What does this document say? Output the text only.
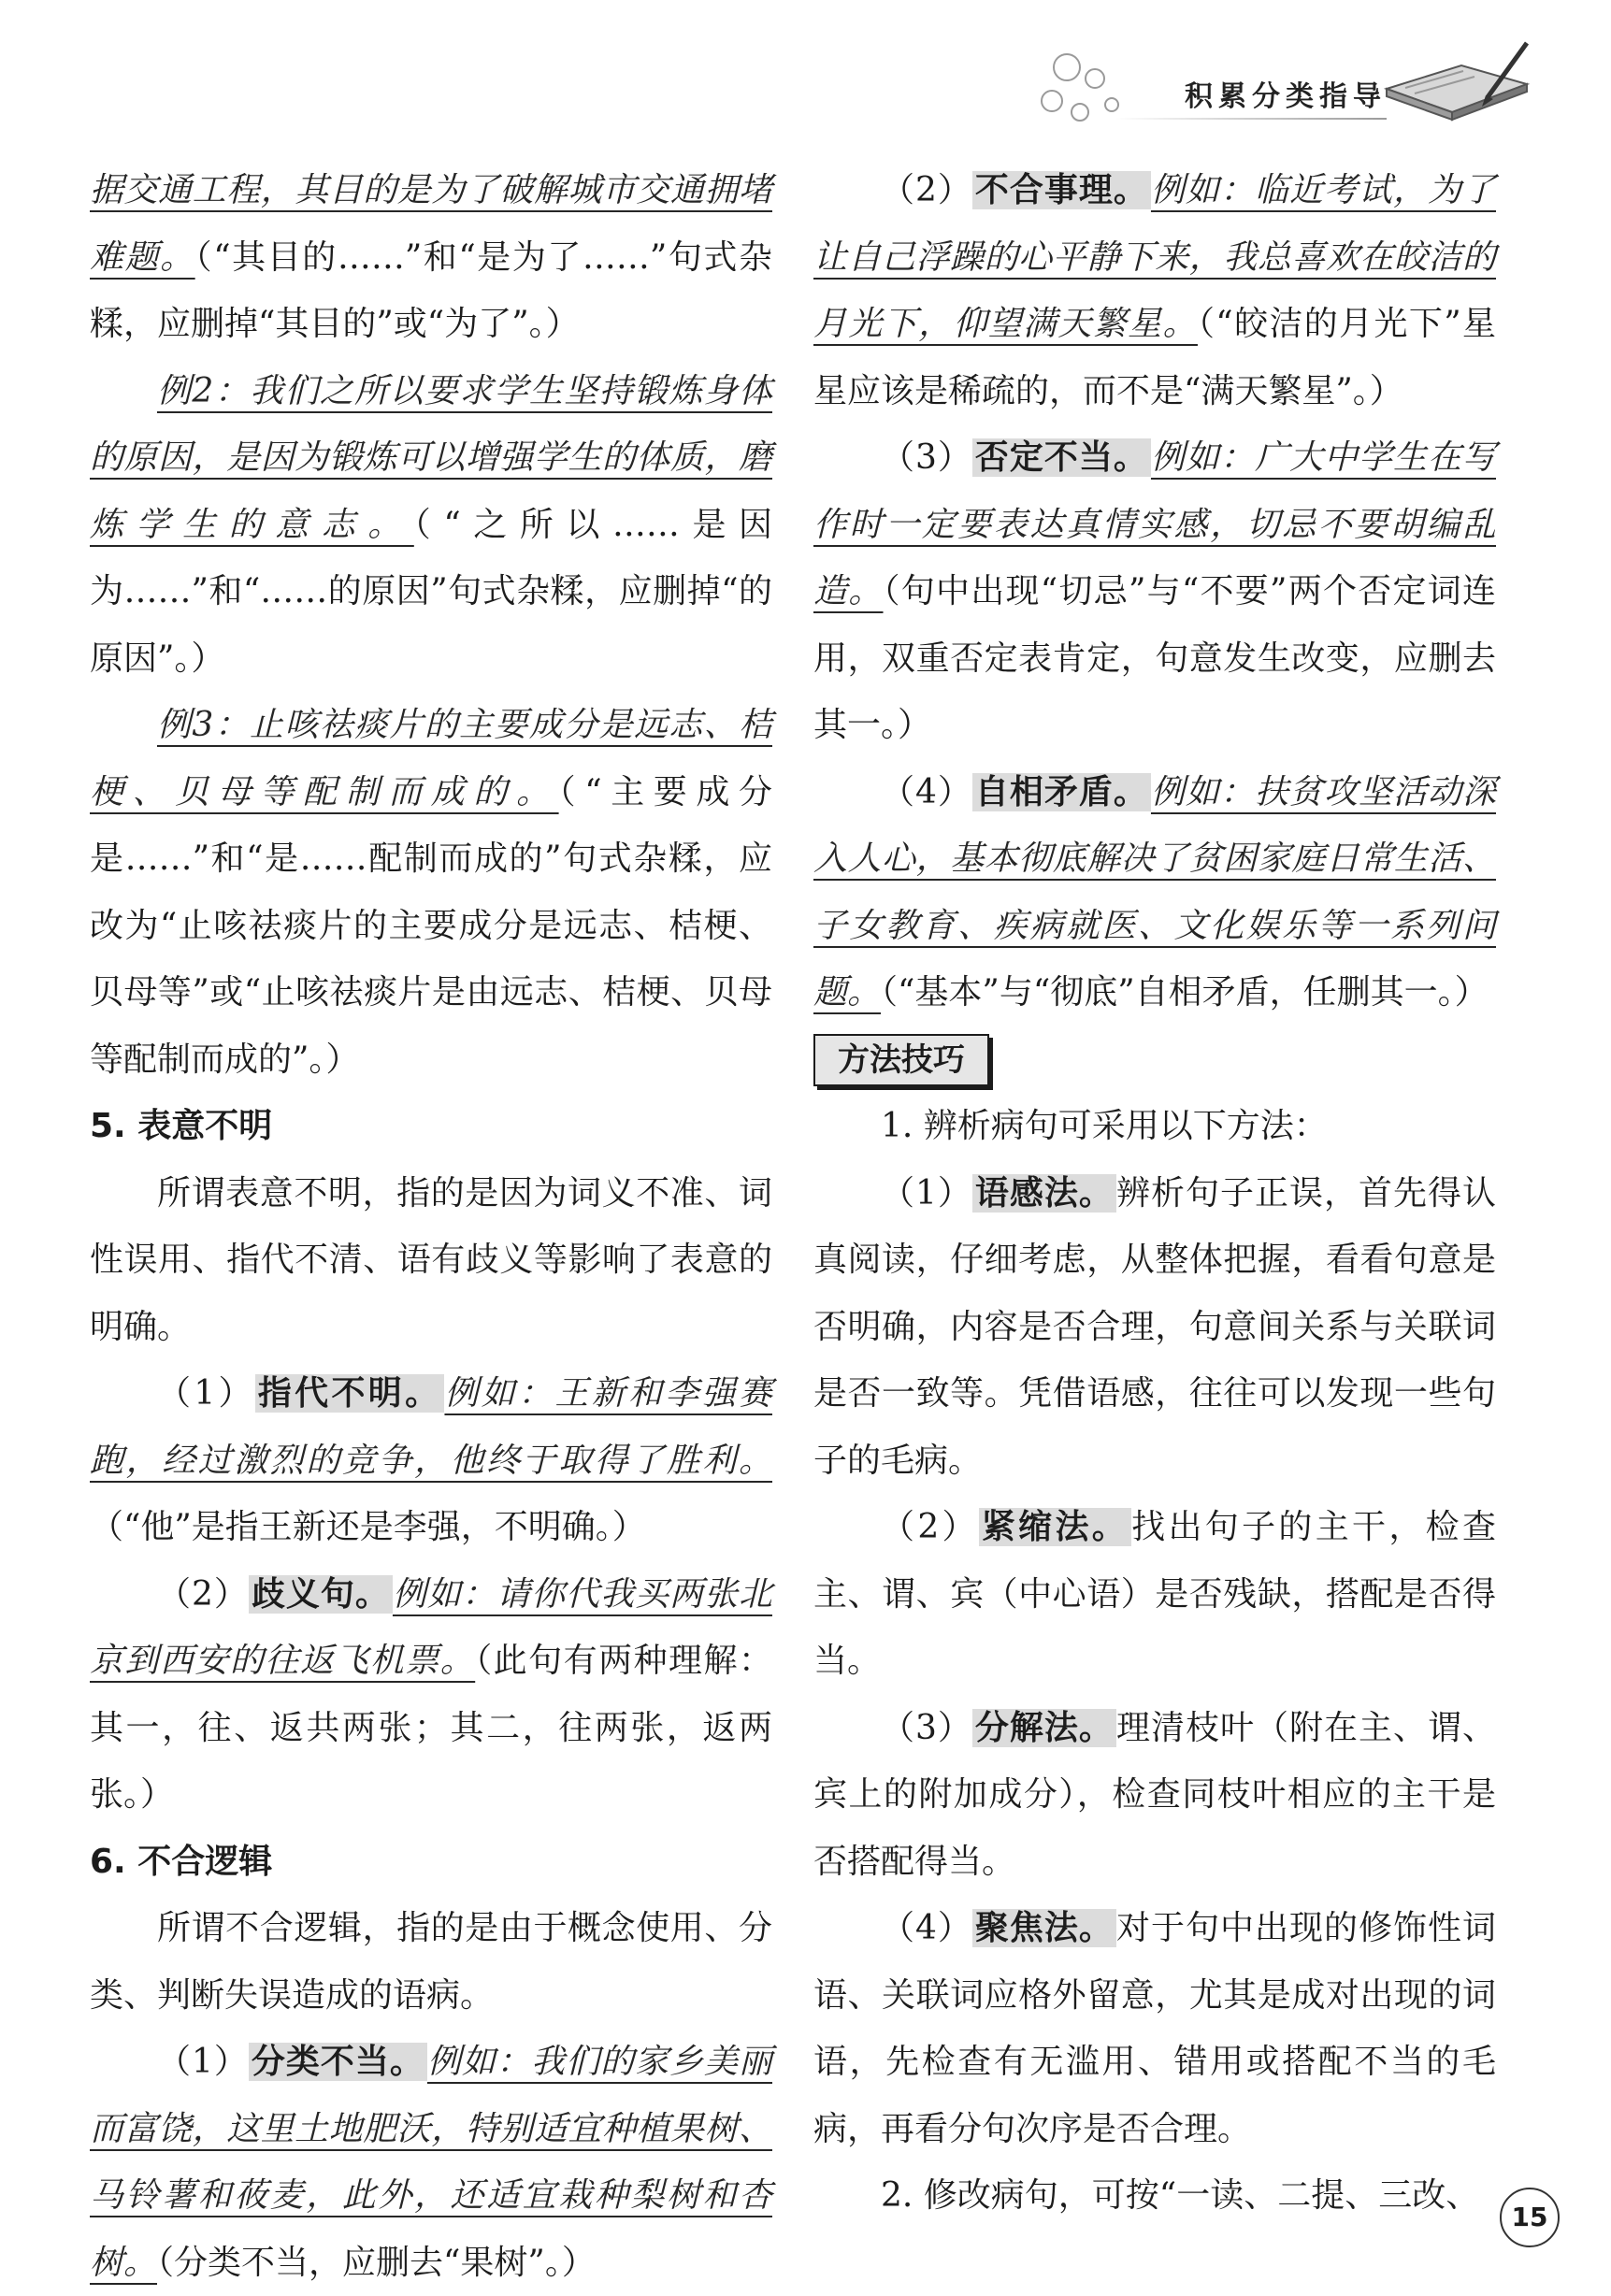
积累分类指导

据交通工程，其目的是为了破解城市交通拥堵难题。（“其目的……”和“是为了……”句式杂糅，应删掉“其目的”或“为了”。）

例2：我们之所以要求学生坚持锻炼身体的原因，是因为锻炼可以增强学生的体质，磨炼学生的意志。（“之所以……是因为……”和“……的原因”句式杂糅，应删掉“的原因”。）

例3：止咳祛痰片的主要成分是远志、桔梗、贝母等配制而成的。（“主要成分是……”和“是……配制而成的”句式杂糅，应改为“止咳祛痰片的主要成分是远志、桔梗、贝母等”或“止咳祛痰片是由远志、桔梗、贝母等配制而成的”。）

5. 表意不明

所谓表意不明，指的是因为词义不准、词性误用、指代不清、语有歧义等影响了表意的明确。

（1）指代不明。例如：王新和李强赛跑，经过激烈的竞争，他终于取得了胜利。（“他”是指王新还是李强，不明确。）

（2）歧义句。例如：请你代我买两张北京到西安的往返飞机票。（此句有两种理解：其一，往、返共两张；其二，往两张，返两张。）

6. 不合逻辑

所谓不合逻辑，指的是由于概念使用、分类、判断失误造成的语病。

（1）分类不当。例如：我们的家乡美丽而富饶，这里土地肥沃，特别适宜种植果树、马铃薯和莜麦，此外，还适宜栽种梨树和杏树。（分类不当，应删去“果树”。）

（2）不合事理。例如：临近考试，为了让自己浮躁的心平静下来，我总喜欢在皎洁的月光下，仰望满天繁星。（“皎洁的月光下”星星应该是稀疏的，而不是“满天繁星”。）

（3）否定不当。例如：广大中学生在写作时一定要表达真情实感，切忌不要胡编乱造。（句中出现“切忌”与“不要”两个否定词连用，双重否定表肯定，句意发生改变，应删去其一。）

（4）自相矛盾。例如：扶贫攻坚活动深入人心，基本彻底解决了贫困家庭日常生活、子女教育、疾病就医、文化娱乐等一系列问题。（“基本”与“彻底”自相矛盾，任删其一。）

方法技巧

1. 辨析病句可采用以下方法：

（1）语感法。辨析句子正误，首先得认真阅读，仔细考虑，从整体把握，看看句意是否明确，内容是否合理，句意间关系与关联词是否一致等。凭借语感，往往可以发现一些句子的毛病。

（2）紧缩法。找出句子的主干，检查主、谓、宾（中心语）是否残缺，搭配是否得当。

（3）分解法。理清枝叶（附在主、谓、宾上的附加成分），检查同枝叶相应的主干是否搭配得当。

（4）聚焦法。对于句中出现的修饰性词语、关联词应格外留意，尤其是成对出现的词语，先检查有无滥用、错用或搭配不当的毛病，再看分句次序是否合理。

2. 修改病句，可按“一读、二提、三改、

15
